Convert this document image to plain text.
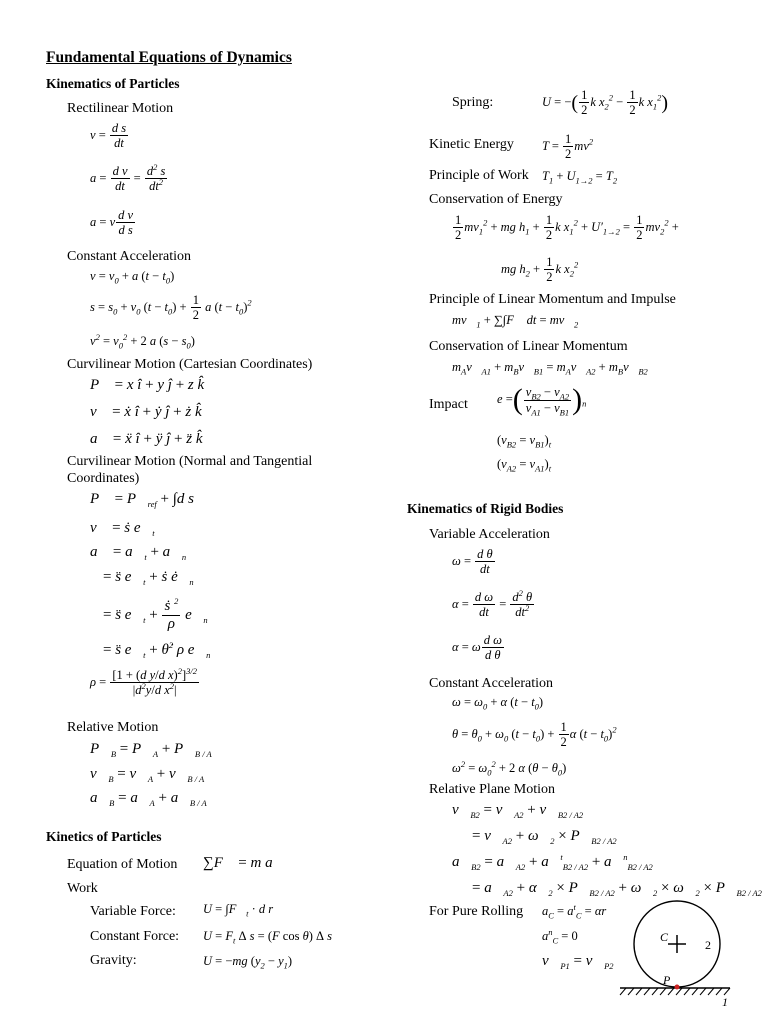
Fundamental Equations of Dynamics
Kinematics of Particles
Kinetics of Particles
Kinematics of Rigid Bodies
Rectilinear Motion
Constant Acceleration
Curvilinear Motion (Cartesian Coordinates)
Curvilinear Motion (Normal and Tangential
Coordinates)
Relative Motion
Equation of Motion
Work
Variable Force:
Constant Force:
Gravity:
Spring:
Kinetic Energy
Principle of Work
Conservation of Energy
Principle of Linear Momentum and Impulse
Conservation of Linear Momentum
Impact
Variable Acceleration
Constant Acceleration
Relative Plane Motion
For Pure Rolling
$v = \frac{\text{d s}}{dt}$
$a = \frac{\text{d v}}{dt} = \frac{d^2 s}{dt^2}$
a = v $\frac{\text{d v}}{\text{d s}}$
$v = v_0 + a$ $(t - t_0)$
$s = s_0 + v_0$ $(t - t_0) + \frac{1}{2}$ a $(t - t_0)^2$
$v^2 = v_0^2 + 2$ a $(s - s_0)$
P⃗ = x î + y ĵ + z k̂
v⃗ = ẋ î + ẏ ĵ + ż k̂
a⃗ = ẍ î + ÿ ĵ + z̈ k̂
P⃗ = $P⃗_{ref} + \int d$ s⃗
v⃗ = ṡ $e⃗_t$
a⃗ = $a⃗_t$ + $a⃗_n$
= s̈ $e⃗_t$ + ṡ $ė⃗_n$
= s̈ $e⃗_t + \frac{ṡ ^2}{\rho}$ $e⃗_n$
= s̈ $e⃗_t$ + θ̇$^2$ ρ $e⃗_n$
$\rho = \frac{[1 + (d y/d x)^2]^{3/2}}{|d^2y/d x^2|}$
$P⃗_B$ = $P⃗_A$ + $P⃗_{B / A}$
$v⃗_B$ = $v⃗_A$ + $v⃗_{B / A}$
$a⃗_B$ = $a⃗_A$ + $a⃗_{B / A}$
∑F⃗ = m a⃗
$U = \int F⃗_t \cdot d$ r⃗
$U = F_t$ Δ s = (F cos θ) Δ s
U = −mg $(y_2 - y_1)$
U = −( $\frac{1}{2}$ k $x_2^2 - \frac{1}{2}$ k $x_1^2$)
$T = \frac{1}{2} mv^2$
$T_1 + U_{1\to 2} = T_2$
$\frac{1}{2} mv_1^2$ + mg $h_1 + \frac{1}{2}$ k $x_1^2 + U'_{1\to 2} = \frac{1}{2} mv_2^2$ +
mg $h_2 + \frac{1}{2}$ k $x_2^2$
$mv⃗_1$ + ∑∫F⃗ dt = $mv⃗_2$
$m_Av⃗_{A1}$ + $m_Bv⃗_{B1}$ = $m_Av⃗_{A2}$ + $m_Bv⃗_{B2}$
e =( $\frac{v_{B2} - v_{A2}}{v_{A1} - v_{B1}} )_n$
$(v_{B2} = v_{B1})_t$
$(v_{A2} = v_{A1})_t$
$\omega = \frac{\text{d θ}}{dt}$
$\alpha = \frac{\text{d ω}}{dt} = \frac{d^2 \theta}{dt^2}$
α = ω $\frac{\text{d ω}}{\text{d θ}}$
$\omega = \omega_0 + \alpha$ $(t - t_0)$
$\theta = \theta_0 + \omega_0$ $(t - t_0) + \frac{1}{2}$ α $(t - t_0)^2$
$\omega^2 = \omega_0^2 + 2$ α $(\theta - \theta_0)$
$v⃗_{B2}$ = $v⃗_{A2}$ + $v⃗_{B2 / A2}$
= $v⃗_{A2}$ + $\omega⃗_2$ × $P⃗_{B2 / A2}$
$a⃗_{B2}$ = $a⃗_{A2}$ + a⃗$^t_{B2 / A2}$ + a⃗$^n_{B2 / A2}$
= $a⃗_{A2}$ + $\alpha⃗_2$ × $P⃗_{B2 / A2}$ + $\omega⃗_2$ × $\omega⃗_2$ × $P⃗_{B2 / A2}$
$a_C = a^t_C = \alpha r$
$a^n_C = 0$
$v⃗_{P1}$ = $v⃗_{P2}$
C
2
P
1
